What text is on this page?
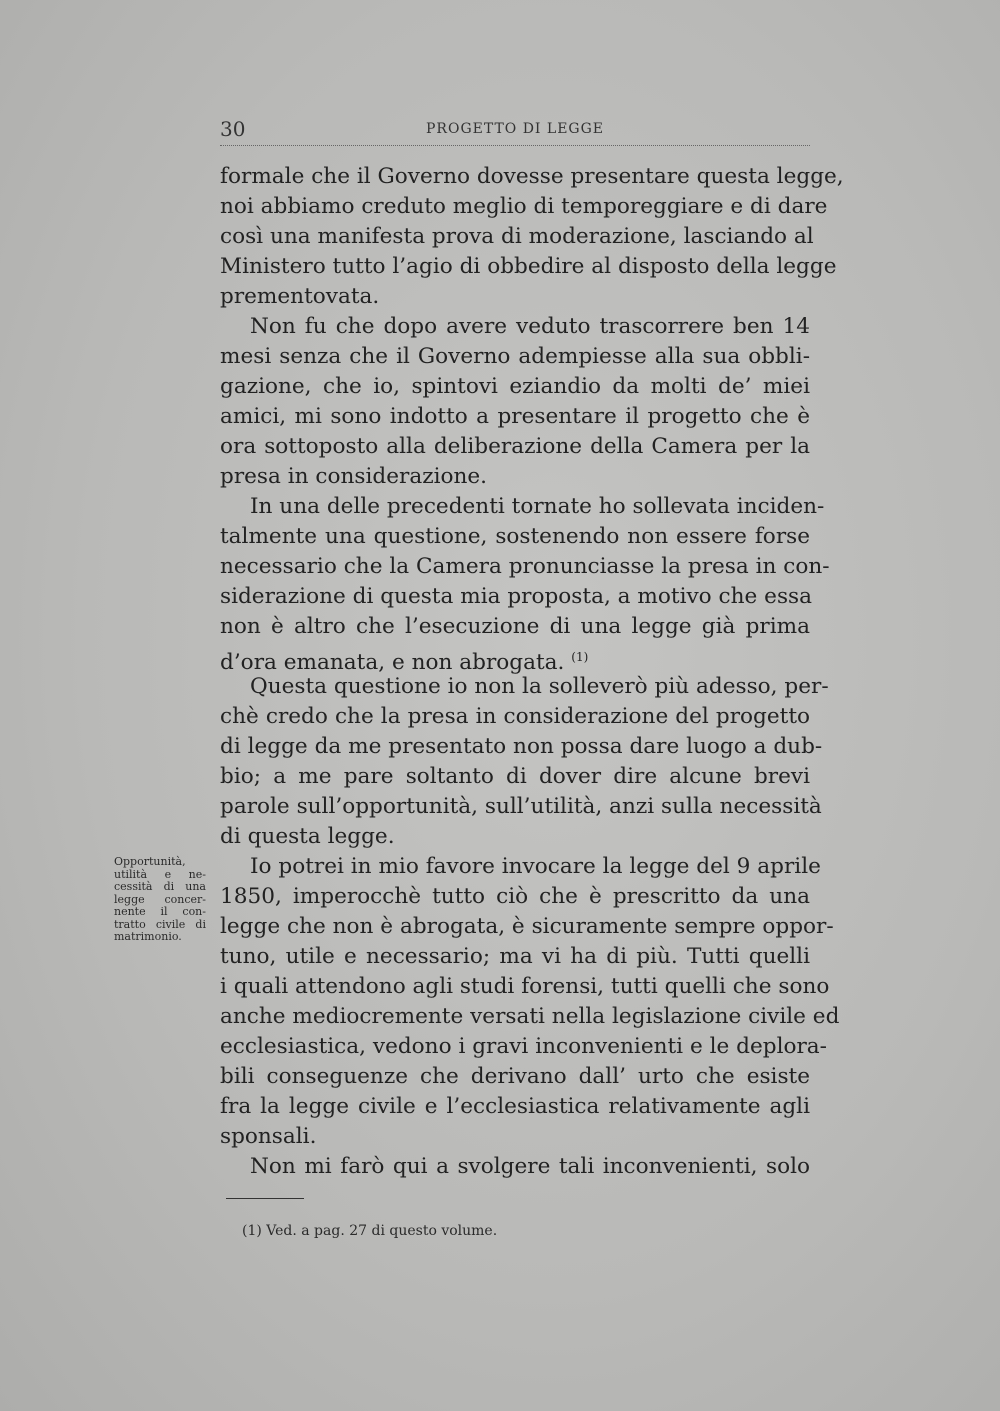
30	PROGETTO DI LEGGE
formale che il Governo dovesse presentare questa legge,
noi abbiamo creduto meglio di temporeggiare e di dare
così una manifesta prova di moderazione, lasciando al
Ministero tutto l’agio di obbedire al disposto della legge
prementovata.
Non fu che dopo avere veduto trascorrere ben 14
mesi senza che il Governo adempiesse alla sua obbli-
gazione, che io, spintovi eziandio da molti de’ miei
amici, mi sono indotto a presentare il progetto che è
ora sottoposto alla deliberazione della Camera per la
presa in considerazione.
In una delle precedenti tornate ho sollevata inciden-
talmente una questione, sostenendo non essere forse
necessario che la Camera pronunciasse la presa in con-
siderazione di questa mia proposta, a motivo che essa
non è altro che l’esecuzione di una legge già prima
d’ora emanata, e non abrogata. $^{(1)}$
Questa questione io non la solleverò più adesso, per-
chè credo che la presa in considerazione del progetto
di legge da me presentato non possa dare luogo a dub-
bio; a me pare soltanto di dover dire alcune brevi
parole sull’opportunità, sull’utilità, anzi sulla necessità
di questa legge.
Io potrei in mio favore invocare la legge del 9 aprile
1850, imperocchè tutto ciò che è prescritto da una
legge che non è abrogata, è sicuramente sempre oppor-
tuno, utile e necessario; ma vi ha di più. Tutti quelli
i quali attendono agli studi forensi, tutti quelli che sono
anche mediocremente versati nella legislazione civile ed
ecclesiastica, vedono i gravi inconvenienti e le deplora-
bili conseguenze che derivano dall’ urto che esiste
fra la legge civile e l’ecclesiastica relativamente agli
sponsali.
Non mi farò qui a svolgere tali inconvenienti, solo
Opportunità,
utilità e ne-
cessità di una
legge concer-
nente il con-
tratto civile di
matrimonio.
(1) Ved. a pag. 27 di questo volume.
